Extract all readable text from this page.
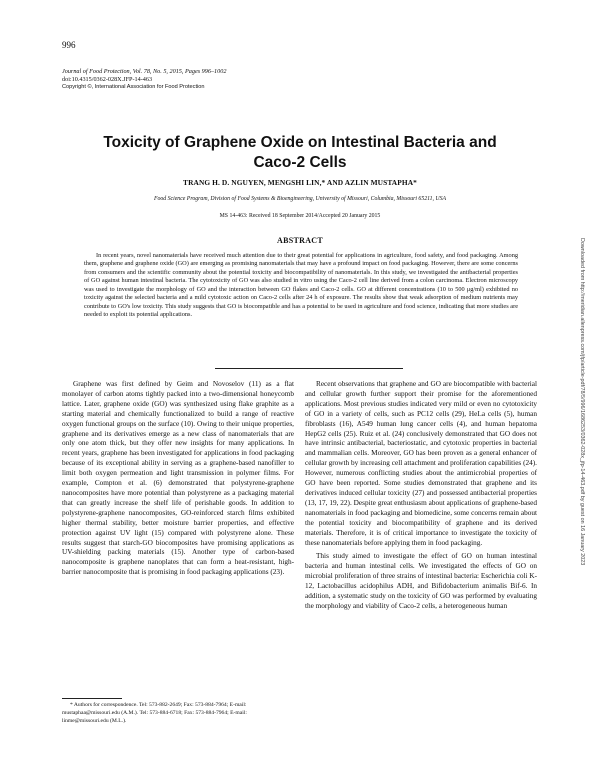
996
Journal of Food Protection, Vol. 78, No. 5, 2015, Pages 996–1002
doi:10.4315/0362-028X.JFP-14-463
Copyright ©, International Association for Food Protection
Toxicity of Graphene Oxide on Intestinal Bacteria and
Caco-2 Cells
TRANG H. D. NGUYEN, MENGSHI LIN,* AND AZLIN MUSTAPHA*
Food Science Program, Division of Food Systems & Bioengineering, University of Missouri, Columbia, Missouri 65211, USA
MS 14-463: Received 18 September 2014/Accepted 20 January 2015
ABSTRACT
In recent years, novel nanomaterials have received much attention due to their great potential for applications in agriculture, food safety, and food packaging. Among them, graphene and graphene oxide (GO) are emerging as promising nanomaterials that may have a profound impact on food packaging. However, there are some concerns from consumers and the scientific community about the potential toxicity and biocompatibility of nanomaterials. In this study, we investigated the antibacterial properties of GO against human intestinal bacteria. The cytotoxicity of GO was also studied in vitro using the Caco-2 cell line derived from a colon carcinoma. Electron microscopy was used to investigate the morphology of GO and the interaction between GO flakes and Caco-2 cells. GO at different concentrations (10 to 500 μg/ml) exhibited no toxicity against the selected bacteria and a mild cytotoxic action on Caco-2 cells after 24 h of exposure. The results show that weak adsorption of medium nutrients may contribute to GO's low toxicity. This study suggests that GO is biocompatible and has a potential to be used in agriculture and food science, indicating that more studies are needed to exploit its potential applications.

Graphene was first defined by Geim and Novoselov (11) as a flat monolayer of carbon atoms tightly packed into a two-dimensional honeycomb lattice. Later, graphene oxide (GO) was synthesized using flake graphite as a starting material and chemically functionalized to build a range of reactive oxygen functional groups on the surface (10). Owing to their unique properties, graphene and its derivatives emerge as a new class of nanomaterials that are only one atom thick, but they offer new insights for many applications. In recent years, graphene has been investigated for applications in food packaging because of its exceptional ability in serving as a graphene-based nanofiller to limit both oxygen permeation and light transmission in polymer films. For example, Compton et al. (6) demonstrated that polystyrene-graphene nanocomposites have more potential than polystyrene as a packaging material that can greatly increase the shelf life of perishable goods. In addition to polystyrene-graphene nanocomposites, GO-reinforced starch films exhibited higher thermal stability, better moisture barrier properties, and effective protection against UV light (15) compared with polystyrene alone. These results suggest that starch-GO biocomposites have promising applications as UV-shielding packing materials (15). Another type of carbon-based nanocomposite is graphene nanoplates that can form a heat-resistant, high-barrier nanocomposite that is promising in food packaging applications (23).

Recent observations that graphene and GO are biocompatible with bacterial and cellular growth further support their promise for the aforementioned applications. Most previous studies indicated very mild or even no cytotoxicity of GO in a variety of cells, such as PC12 cells (29), HeLa cells (5), human fibroblasts (16), A549 human lung cancer cells (4), and human hepatoma HepG2 cells (25). Ruiz et al. (24) conclusively demonstrated that GO does not have intrinsic antibacterial, bacteriostatic, and cytotoxic properties in bacterial and mammalian cells. Moreover, GO has been proven as a general enhancer of cellular growth by increasing cell attachment and proliferation capabilities (24). However, numerous conflicting studies about the antimicrobial properties of GO have been reported. Some studies demonstrated that graphene and its derivatives induced cellular toxicity (27) and possessed antibacterial properties (13, 17, 19, 22). Despite great enthusiasm about applications of graphene-based nanomaterials in food packaging and biomedicine, some concerns remain about the potential toxicity and biocompatibility of graphene and its derived materials. Therefore, it is of critical importance to investigate the toxicity of these nanomaterials before applying them in food packaging.

This study aimed to investigate the effect of GO on human intestinal bacteria and human intestinal cells. We investigated the effects of GO on microbial proliferation of three strains of intestinal bacteria: Escherichia coli K-12, Lactobacillus acidophilus ADH, and Bifidobacterium animalis Bif-6. In addition, a systematic study on the toxicity of GO was performed by evaluating the morphology and viability of Caco-2 cells, a heterogeneous human

* Authors for correspondence. Tel: 573-882-2649; Fax: 573-884-7964; E-mail: mustaphaa@missouri.edu (A.M.). Tel: 573-884-6718; Fax: 573-884-7964; E-mail: linme@missouri.edu (M.L.).
Downloaded from http://meridian.allenpress.com/jfp/article-pdf/78/5/996/1686253/0362-028x_jfp-14-463.pdf by guest on 16 January 2023
